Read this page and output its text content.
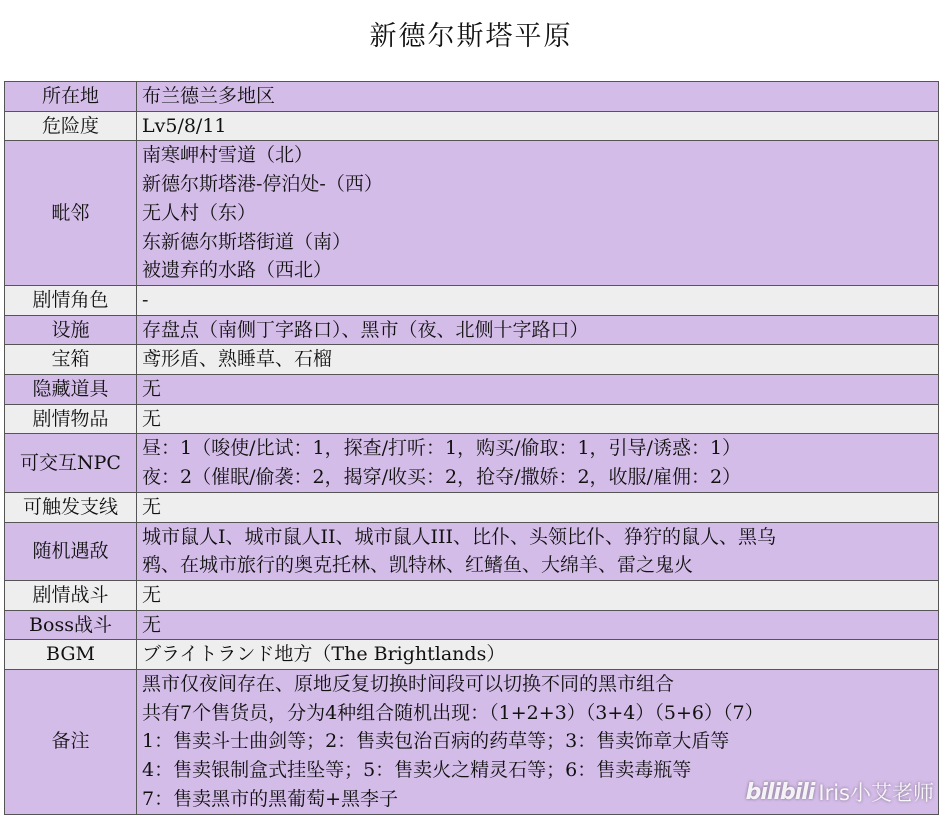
新德尔斯塔平原
所在地	布兰德兰多地区

危险度	Lv5/8/11

毗邻	南寒岬村雪道（北）
新德尔斯塔港-停泊处-（西）
无人村（东）
东新德尔斯塔街道（南）
被遗弃的水路（西北）

剧情角色	-

设施	存盘点（南侧丁字路口）、黑市（夜、北侧十字路口）

宝箱	鸢形盾、熟睡草、石榴

隐藏道具	无

剧情物品	无

可交互NPC	昼：1（唆使/比试：1，探查/打听：1，购买/偷取：1，引导/诱惑：1）
夜：2（催眠/偷袭：2，揭穿/收买：2，抢夺/撒娇：2，收服/雇佣：2）

可触发支线	无

随机遇敌	城市鼠人I、城市鼠人II、城市鼠人III、比仆、头领比仆、狰狞的鼠人、黑乌
鸦、在城市旅行的奥克托林、凯特林、红鳍鱼、大绵羊、雷之鬼火

剧情战斗	无

Boss战斗	无

BGM	ブライトランド地方（The Brightlands）

备注	黑市仅夜间存在、原地反复切换时间段可以切换不同的黑市组合
共有7个售货员，分为4种组合随机出现：（1+2+3）（3+4）（5+6）（7）
1：售卖斗士曲剑等；2：售卖包治百病的药草等；3：售卖饰章大盾等
4：售卖银制盒式挂坠等；5：售卖火之精灵石等；6：售卖毒瓶等
7：售卖黑市的黑葡萄+黑李子	bilibili Iris小艾老师
